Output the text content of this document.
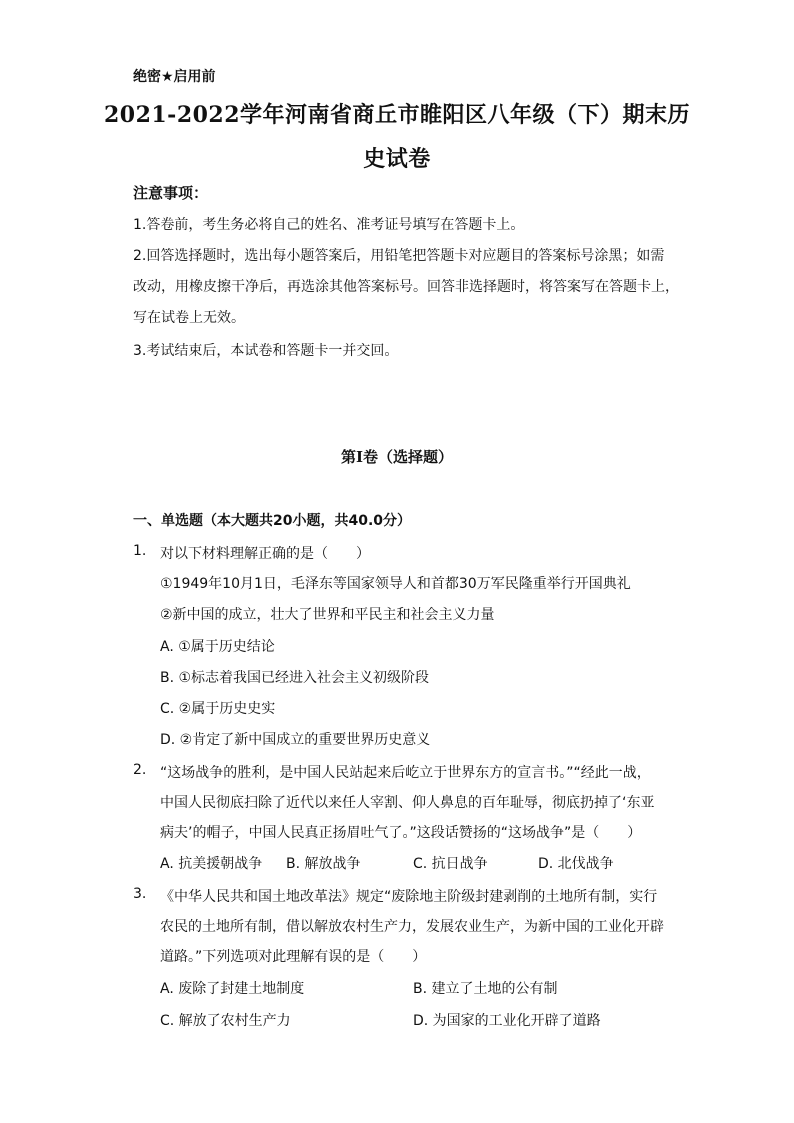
绝密★启用前
2021-2022学年河南省商丘市睢阳区八年级（下）期末历
史试卷
注意事项：
1.答卷前，考生务必将自己的姓名、准考证号填写在答题卡上。
2.回答选择题时，选出每小题答案后，用铅笔把答题卡对应题目的答案标号涂黑；如需
改动，用橡皮擦干净后，再选涂其他答案标号。回答非选择题时，将答案写在答题卡上，
写在试卷上无效。
3.考试结束后，本试卷和答题卡一并交回。
第I卷（选择题）
一、单选题（本大题共20小题，共40.0分）
1. 对以下材料理解正确的是（　　）
①1949年10月1日，毛泽东等国家领导人和首都30万军民隆重举行开国典礼
②新中国的成立，壮大了世界和平民主和社会主义力量
A. ①属于历史结论
B. ①标志着我国已经进入社会主义初级阶段
C. ②属于历史史实
D. ②肯定了新中国成立的重要世界历史意义
2. “这场战争的胜利，是中国人民站起来后屹立于世界东方的宣言书。”“经此一战，
中国人民彻底扫除了近代以来任人宰割、仰人鼻息的百年耻辱，彻底扔掉了‘东亚
病夫’的帽子，中国人民真正扬眉吐气了。”这段话赞扬的“这场战争”是（　　）
A. 抗美援朝战争 B. 解放战争	C. 抗日战争	D. 北伐战争
3. 《中华人民共和国土地改革法》规定“废除地主阶级封建剥削的土地所有制，实行
农民的土地所有制，借以解放农村生产力，发展农业生产，为新中国的工业化开辟
道路。”下列选项对此理解有误的是（　　）
A. 废除了封建土地制度	B. 建立了土地的公有制
C. 解放了农村生产力	D. 为国家的工业化开辟了道路
